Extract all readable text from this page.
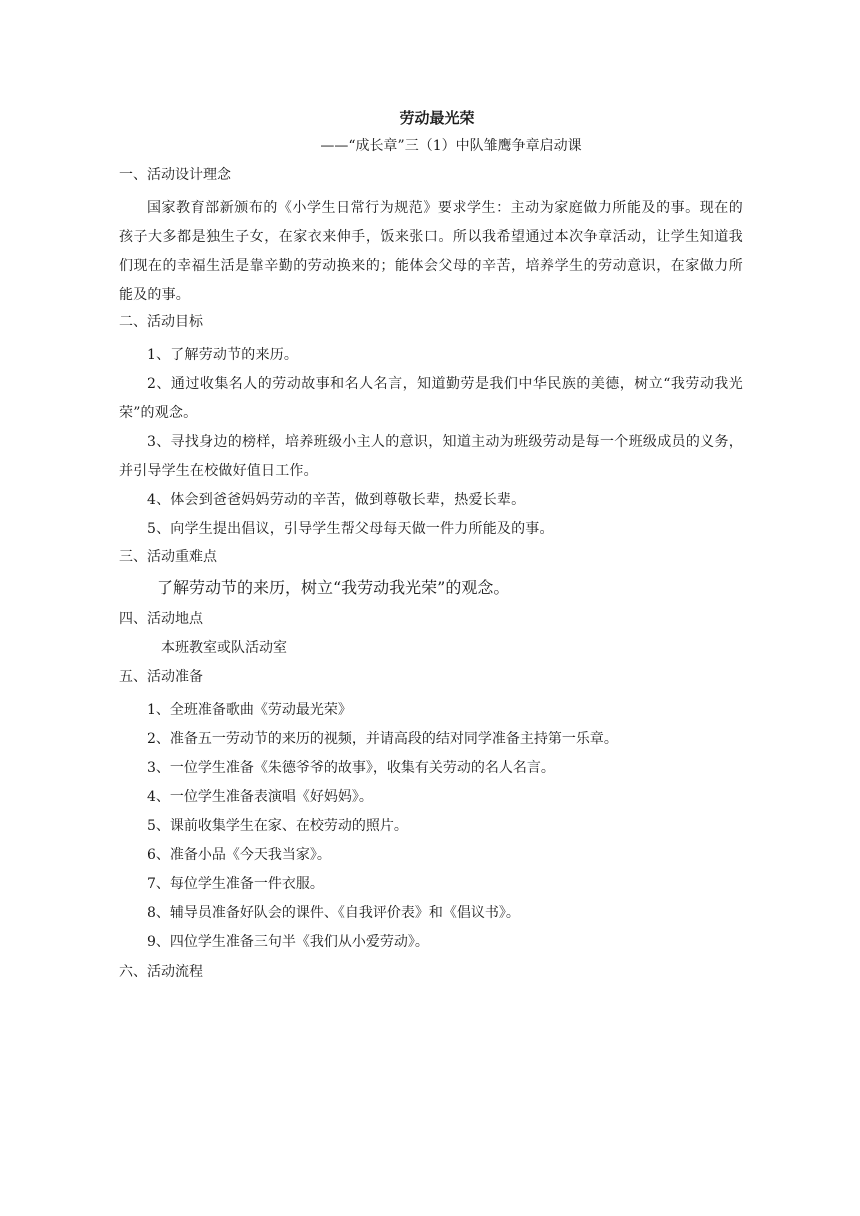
劳动最光荣
——“成长章”三（1）中队雏鹰争章启动课
一、活动设计理念

国家教育部新颁布的《小学生日常行为规范》要求学生：主动为家庭做力所能及的事。现在的孩子大多都是独生子女，在家衣来伸手，饭来张口。所以我希望通过本次争章活动，让学生知道我们现在的幸福生活是靠辛勤的劳动换来的；能体会父母的辛苦，培养学生的劳动意识，在家做力所能及的事。

二、活动目标

1、了解劳动节的来历。

2、通过收集名人的劳动故事和名人名言，知道勤劳是我们中华民族的美德，树立“我劳动我光荣”的观念。

3、寻找身边的榜样，培养班级小主人的意识，知道主动为班级劳动是每一个班级成员的义务，并引导学生在校做好值日工作。

4、体会到爸爸妈妈劳动的辛苦，做到尊敬长辈，热爱长辈。

5、向学生提出倡议，引导学生帮父母每天做一件力所能及的事。

三、活动重难点
了解劳动节的来历，树立“我劳动我光荣”的观念。
四、活动地点
本班教室或队活动室
五、活动准备

1、全班准备歌曲《劳动最光荣》

2、准备五一劳动节的来历的视频，并请高段的结对同学准备主持第一乐章。

3、一位学生准备《朱德爷爷的故事》，收集有关劳动的名人名言。

4、一位学生准备表演唱《好妈妈》。

5、课前收集学生在家、在校劳动的照片。

6、准备小品《今天我当家》。

7、每位学生准备一件衣服。

8、辅导员准备好队会的课件、《自我评价表》和《倡议书》。

9、四位学生准备三句半《我们从小爱劳动》。

六、活动流程
